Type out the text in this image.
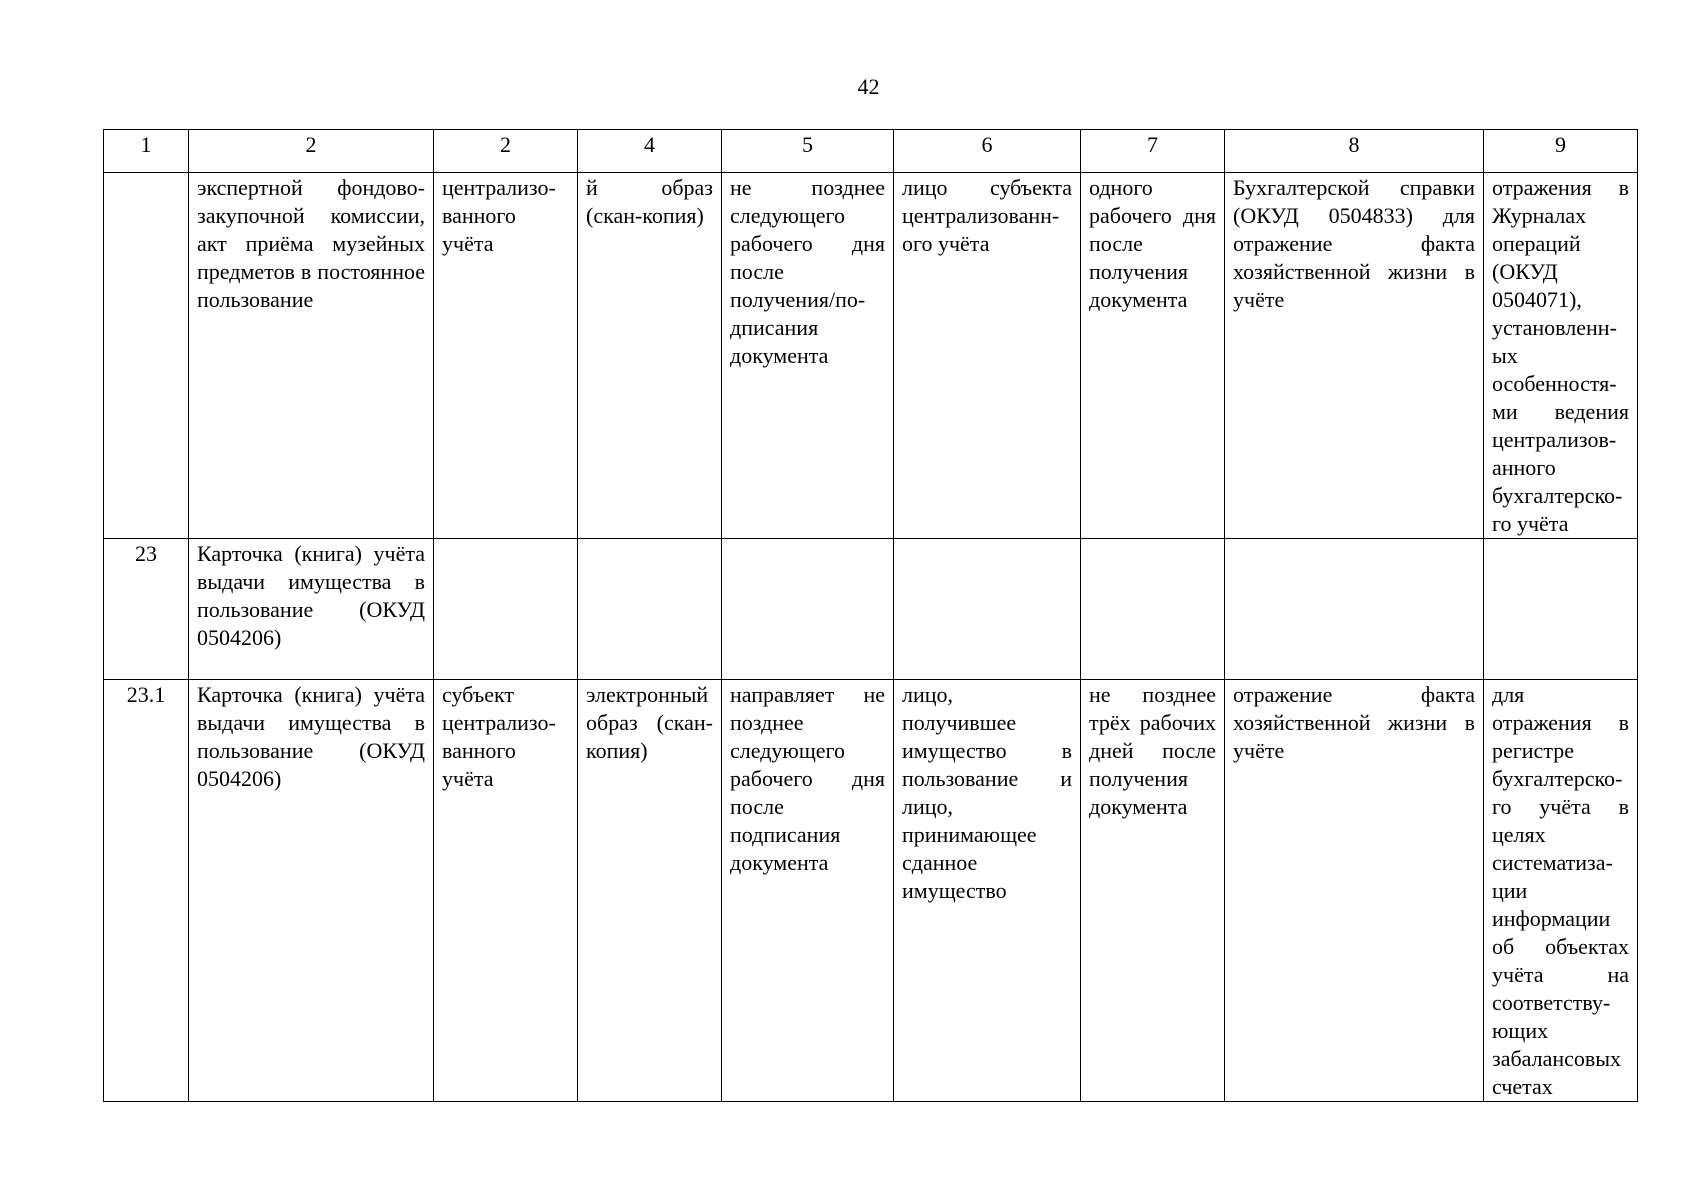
42
1	2	2	4	5	6	7	8	9
	экспертной фондово-закупочной комиссии, акт приёма музейных предметов в постоянное пользование	централизованного учёта	й образ (скан-копия)	не позднее следующего рабочего дня после получения/подписания документа	лицо субъекта централизованного учёта	одного рабочего дня после получения документа	Бухгалтерской справки (ОКУД 0504833) для отражение факта хозяйственной жизни в учёте	отражения в Журналах операций (ОКУД 0504071), установленных особенностями ведения централизованного бухгалтерского учёта
23	Карточка (книга) учёта выдачи имущества в пользование (ОКУД 0504206)							
23.1	Карточка (книга) учёта выдачи имущества в пользование (ОКУД 0504206)	субъект централизованного учёта	электронный образ (скан-копия)	направляет не позднее следующего рабочего дня после подписания документа	лицо, получившее имущество в пользование и лицо, принимающее сданное имущество	не позднее трёх рабочих дней после получения документа	отражение факта хозяйственной жизни в учёте	для отражения в регистре бухгалтерского учёта в целях систематизации информации об объектах учёта на соответствующих забалансовых счетах
